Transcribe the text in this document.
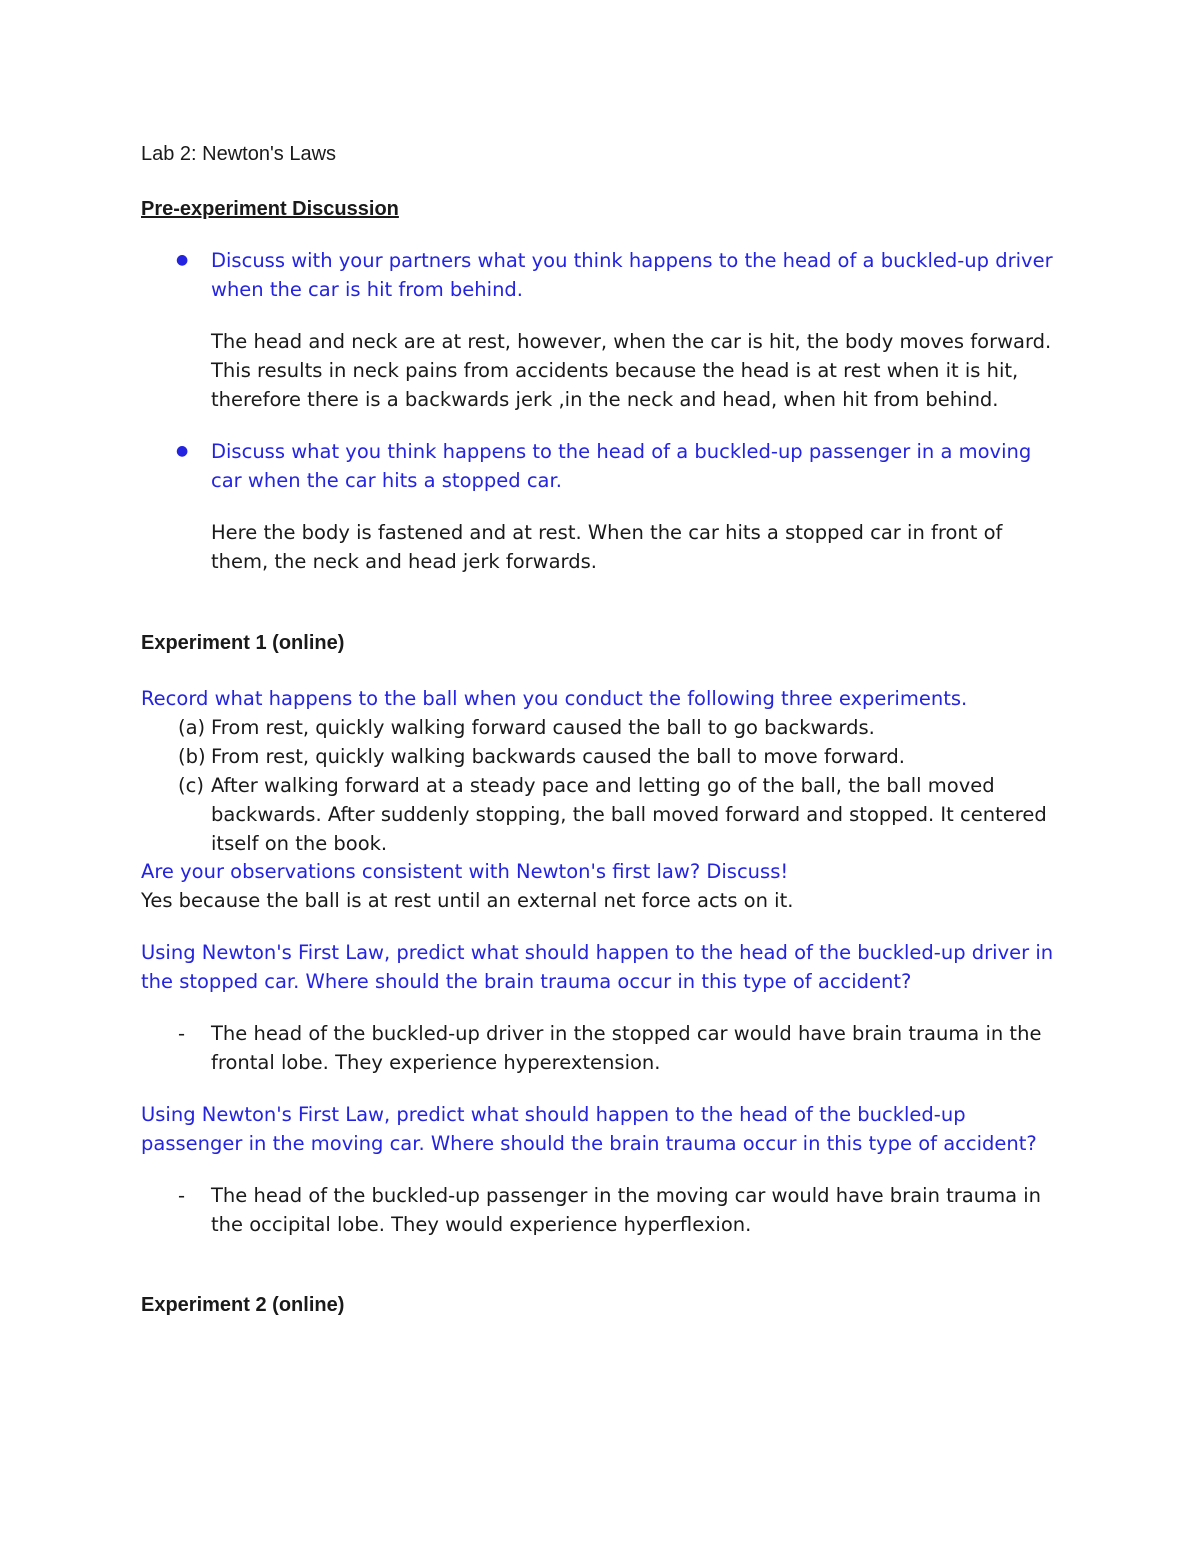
Lab 2: Newton's Laws
Pre-experiment Discussion
● Discuss with your partners what you think happens to the head of a buckled-up driver when the car is hit from behind.
The head and neck are at rest, however, when the car is hit, the body moves forward. This results in neck pains from accidents because the head is at rest when it is hit, therefore there is a backwards jerk ,in the neck and head, when hit from behind.
● Discuss what you think happens to the head of a buckled-up passenger in a moving car when the car hits a stopped car.
Here the body is fastened and at rest. When the car hits a stopped car in front of them, the neck and head jerk forwards.
Experiment 1 (online)
Record what happens to the ball when you conduct the following three experiments.
(a) From rest, quickly walking forward caused the ball to go backwards.
(b) From rest, quickly walking backwards caused the ball to move forward.
(c) After walking forward at a steady pace and letting go of the ball, the ball moved backwards. After suddenly stopping, the ball moved forward and stopped. It centered itself on the book.
Are your observations consistent with Newton's first law? Discuss!
Yes because the ball is at rest until an external net force acts on it.
Using Newton's First Law, predict what should happen to the head of the buckled-up driver in the stopped car. Where should the brain trauma occur in this type of accident?
- The head of the buckled-up driver in the stopped car would have brain trauma in the frontal lobe. They experience hyperextension.
Using Newton's First Law, predict what should happen to the head of the buckled-up passenger in the moving car. Where should the brain trauma occur in this type of accident?
- The head of the buckled-up passenger in the moving car would have brain trauma in the occipital lobe. They would experience hyperflexion.
Experiment 2 (online)
